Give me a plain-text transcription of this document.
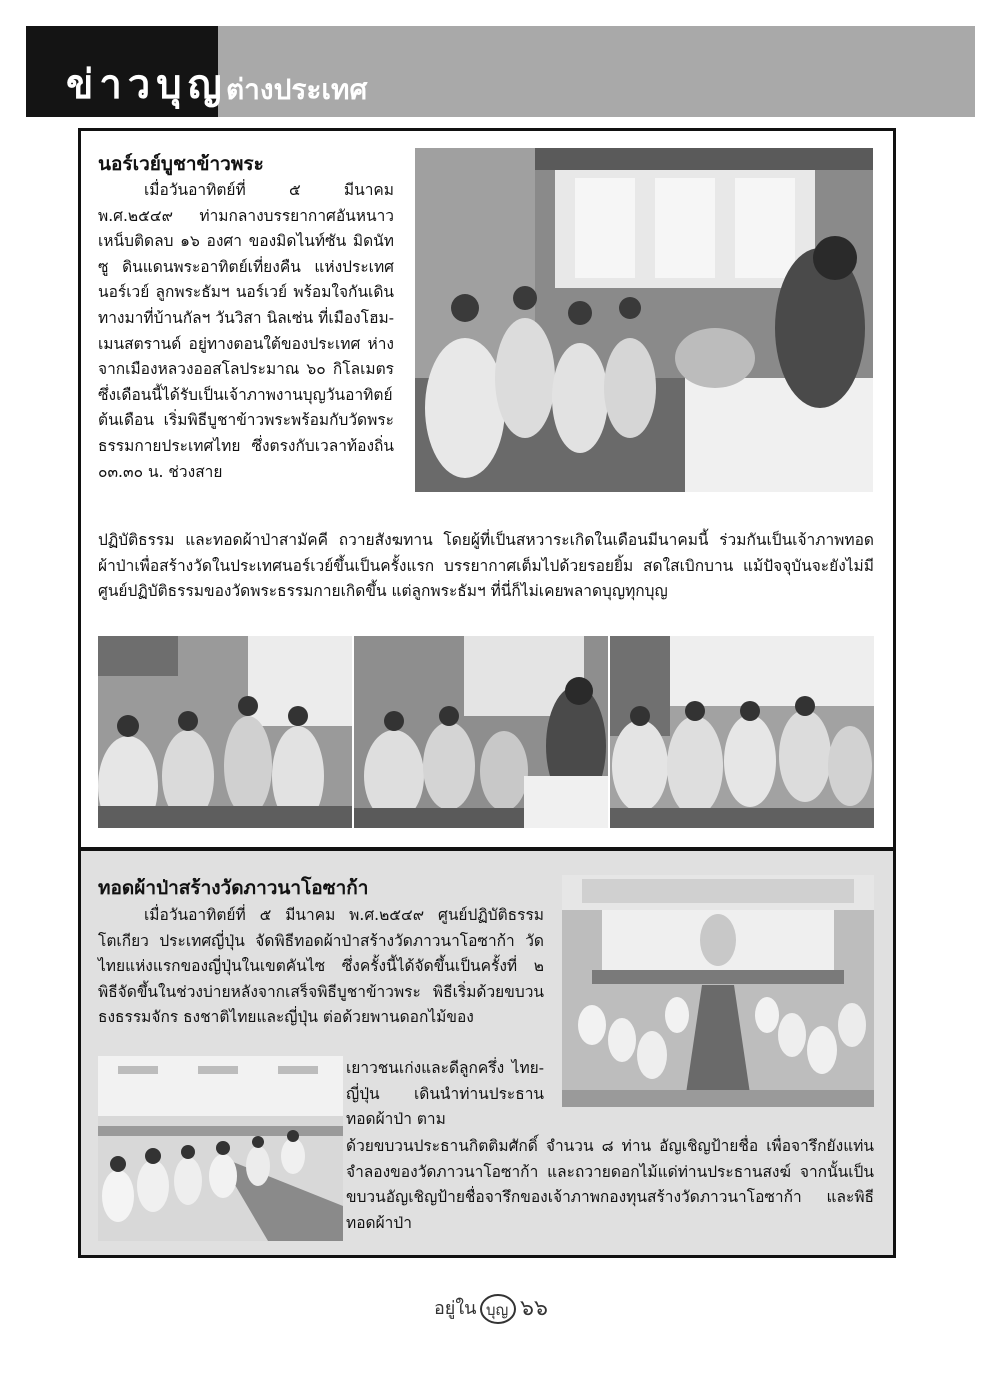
ข่าวบุญ
ต่างประเทศ
นอร์เวย์บูชาข้าวพระ

เมื่อวันอาทิตย์ที่ ๕ มีนาคม พ.ศ.๒๕๔๙ ท่ามกลางบรรยากาศอันหนาวเหน็บติดลบ ๑๖ องศา ของมิดไนท์ซัน มิดนัทซู ดินแดนพระอาทิตย์เที่ยงคืน แห่งประเทศนอร์เวย์ ลูกพระธัมฯ นอร์เวย์ พร้อมใจกันเดินทางมาที่บ้านกัลฯ วันวิสา นิลเซ่น ที่เมืองโฮม-เมนสตรานด์ อยู่ทางตอนใต้ของประเทศ ห่างจากเมืองหลวงออสโลประมาณ ๖๐ กิโลเมตร ซึ่งเดือนนี้ได้รับเป็นเจ้าภาพงานบุญวันอาทิตย์ต้นเดือน เริ่มพิธีบูชาข้าวพระพร้อมกับวัดพระธรรมกายประเทศไทย ซึ่งตรงกับเวลาท้องถิ่น ๐๓.๓๐ น. ช่วงสาย

ปฏิบัติธรรม และทอดผ้าป่าสามัคคี ถวายสังฆทาน โดยผู้ที่เป็นสหวาระเกิดในเดือนมีนาคมนี้ ร่วมกันเป็นเจ้าภาพทอดผ้าป่าเพื่อสร้างวัดในประเทศนอร์เวย์ขึ้นเป็นครั้งแรก บรรยากาศเต็มไปด้วยรอยยิ้ม สดใสเบิกบาน แม้ปัจจุบันจะยังไม่มีศูนย์ปฏิบัติธรรมของวัดพระธรรมกายเกิดขึ้น แต่ลูกพระธัมฯ ที่นี่ก็ไม่เคยพลาดบุญทุกบุญ

ทอดผ้าป่าสร้างวัดภาวนาโอซาก้า

เมื่อวันอาทิตย์ที่ ๕ มีนาคม พ.ศ.๒๕๔๙ ศูนย์ปฏิบัติธรรมโตเกียว ประเทศญี่ปุ่น จัดพิธีทอดผ้าป่าสร้างวัดภาวนาโอซาก้า วัดไทยแห่งแรกของญี่ปุ่นในเขตคันไซ ซึ่งครั้งนี้ได้จัดขึ้นเป็นครั้งที่ ๒ พิธีจัดขึ้นในช่วงบ่ายหลังจากเสร็จพิธีบูชาข้าวพระ พิธีเริ่มด้วยขบวนธงธรรมจักร ธงชาติไทยและญี่ปุ่น ต่อด้วยพานดอกไม้ของ

เยาวชนเก่งและดีลูกครึ่ง ไทย-ญี่ปุ่น เดินนำท่านประธานทอดผ้าป่า ตาม

ด้วยขบวนประธานกิตติมศักดิ์ จำนวน ๘ ท่าน อัญเชิญป้ายชื่อ เพื่อจารึกยังแท่นจำลองของวัดภาวนาโอซาก้า และถวายดอกไม้แด่ท่านประธานสงฆ์ จากนั้นเป็นขบวนอัญเชิญป้ายชื่อจารึกของเจ้าภาพกองทุนสร้างวัดภาวนาโอซาก้า และพิธีทอดผ้าป่า

อยู่ใน บุญ ๖๖
